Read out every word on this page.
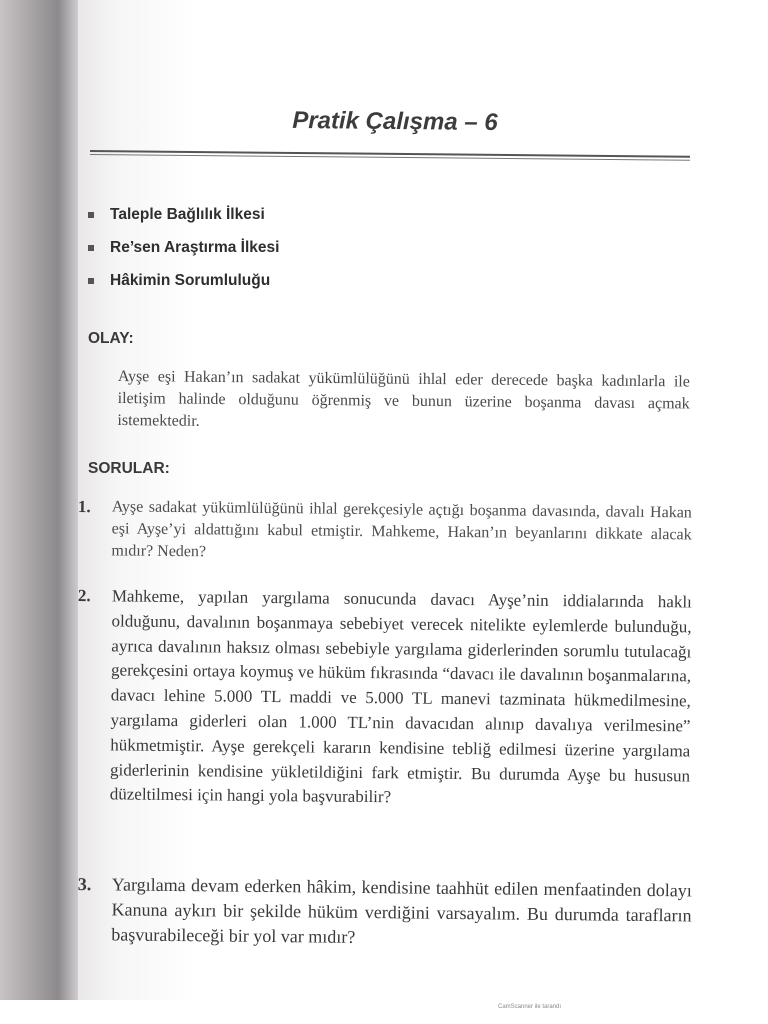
Pratik Çalışma – 6
Taleple Bağlılık İlkesi
Re’sen Araştırma İlkesi
Hâkimin Sorumluluğu
OLAY:
Ayşe eşi Hakan’ın sadakat yükümlülüğünü ihlal eder derecede başka kadınlarla ile iletişim halinde olduğunu öğrenmiş ve bunun üzerine boşanma davası açmak istemektedir.
SORULAR:
1.	Ayşe sadakat yükümlülüğünü ihlal gerekçesiyle açtığı boşanma davasında, davalı Hakan eşi Ayşe’yi aldattığını kabul etmiştir. Mahkeme, Hakan’ın beyanlarını dikkate alacak mıdır? Neden?
2.	Mahkeme, yapılan yargılama sonucunda davacı Ayşe’nin iddialarında haklı olduğunu, davalının boşanmaya sebebiyet verecek nitelikte eylemlerde bulunduğu, ayrıca davalının haksız olması sebebiyle yargılama giderlerinden sorumlu tutulacağı gerekçesini ortaya koymuş ve hüküm fıkrasında “davacı ile davalının boşanmalarına, davacı lehine 5.000 TL maddi ve 5.000 TL manevi tazminata hükmedilmesine, yargılama giderleri olan 1.000 TL’nin davacıdan alınıp davalıya verilmesine” hükmetmiştir. Ayşe gerekçeli kararın kendisine tebliğ edilmesi üzerine yargılama giderlerinin kendisine yükletildiğini fark etmiştir. Bu durumda Ayşe bu hususun düzeltilmesi için hangi yola başvurabilir?
3.	Yargılama devam ederken hâkim, kendisine taahhüt edilen menfaatinden dolayı Kanuna aykırı bir şekilde hüküm verdiğini varsayalım. Bu durumda tarafların başvurabileceği bir yol var mıdır?
CamScanner ile tarandı
